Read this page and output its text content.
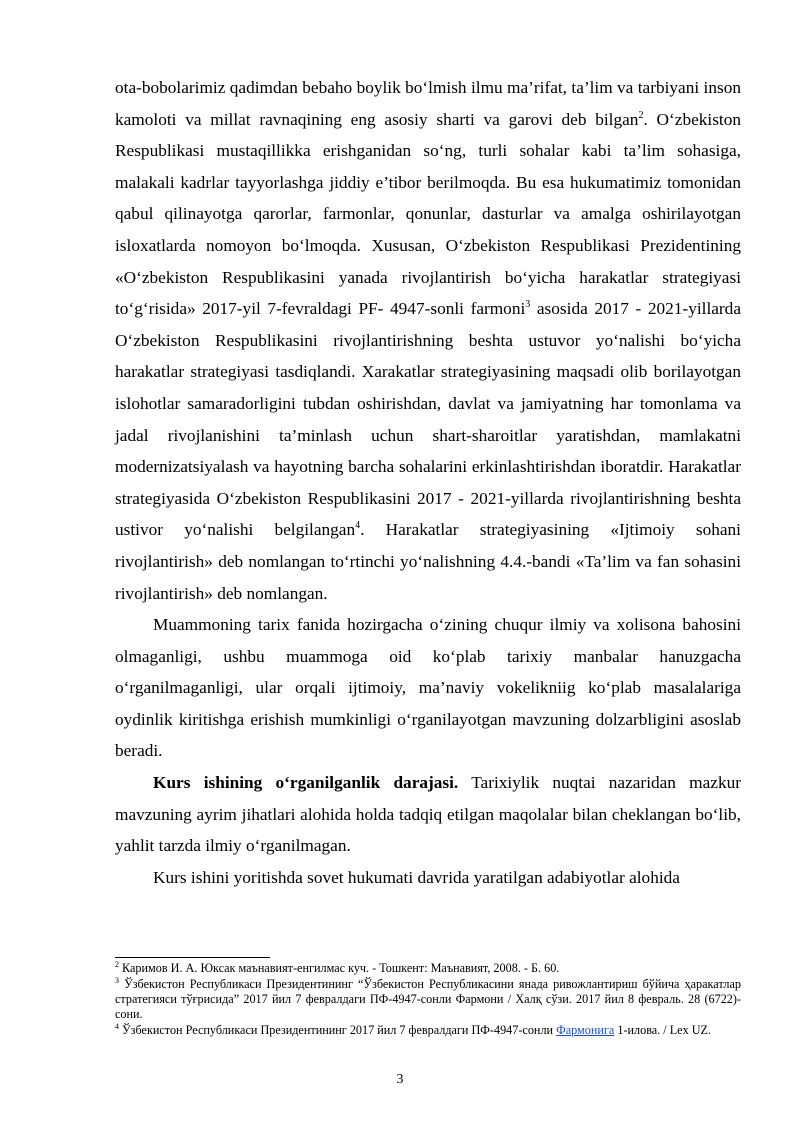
ota-bobolarimiz qadimdan bebaho boylik bo‘lmish ilmu ma’rifat, ta’lim va tarbiyani inson kamoloti va millat ravnaqining eng asosiy sharti va garovi deb bilgan$^2$. O‘zbekiston Respublikasi mustaqillikka erishganidan so‘ng, turli sohalar kabi ta’lim sohasiga, malakali kadrlar tayyorlashga jiddiy e’tibor berilmoqda. Bu esa hukumatimiz tomonidan qabul qilinayotga qarorlar, farmonlar, qonunlar, dasturlar va amalga oshirilayotgan isloxatlarda nomoyon bo‘lmoqda. Xususan, O‘zbekiston Respublikasi Prezidentining «O‘zbekiston Respublikasini yanada rivojlantirish bo‘yicha harakatlar strategiyasi to‘g‘risida» 2017-yil 7-fevraldagi PF- 4947-sonli farmoni$^3$ asosida 2017 - 2021-yillarda O‘zbekiston Respublikasini rivojlantirishning beshta ustuvor yo‘nalishi bo‘yicha harakatlar strategiyasi tasdiqlandi. Xarakatlar strategiyasining maqsadi olib borilayotgan islohotlar samaradorligini tubdan oshirishdan, davlat va jamiyatning har tomonlama va jadal rivojlanishini ta’minlash uchun shart-sharoitlar yaratishdan, mamlakatni modernizatsiyalash va hayotning barcha sohalarini erkinlashtirishdan iboratdir. Harakatlar strategiyasida O‘zbekiston Respublikasini 2017 - 2021-yillarda rivojlantirishning beshta ustivor yo‘nalishi belgilangan$^4$. Harakatlar strategiyasining «Ijtimoiy sohani rivojlantirish» deb nomlangan to‘rtinchi yo‘nalishning 4.4.-bandi «Ta’lim va fan sohasini rivojlantirish» deb nomlangan.

Muammoning tarix fanida hozirgacha o‘zining chuqur ilmiy va xolisona bahosini olmaganligi, ushbu muammoga oid ko‘plab tarixiy manbalar hanuzgacha o‘rganilmaganligi, ular orqali ijtimoiy, ma’naviy vokelikniig ko‘plab masalalariga oydinlik kiritishga erishish mumkinligi o‘rganilayotgan mavzuning dolzarbligini asoslab beradi.

Kurs ishining o‘rganilganlik darajasi. Tarixiylik nuqtai nazaridan mazkur mavzuning ayrim jihatlari alohida holda tadqiq etilgan maqolalar bilan cheklangan bo‘lib, yahlit tarzda ilmiy o‘rganilmagan.

Kurs ishini yoritishda sovet hukumati davrida yaratilgan adabiyotlar alohida

$^2$ Каримов И. А. Юксак маънавият-енгилмас куч. - Тошкент: Маънавият, 2008. - Б. 60.

$^3$ Ўзбекистон Республикаси Президентининг “Ўзбекистон Республикасини янада ривожлантириш бўйича ҳаракатлар стратегияси тўғрисида” 2017 йил 7 февралдаги ПФ-4947-сонли Фармони / Халқ сўзи. 2017 йил 8 февраль. 28 (6722)-сони.

$^4$ Ўзбекистон Республикаси Президентининг 2017 йил 7 февралдаги ПФ-4947-сонли Фармонига 1-илова. / Lex UZ.

3
